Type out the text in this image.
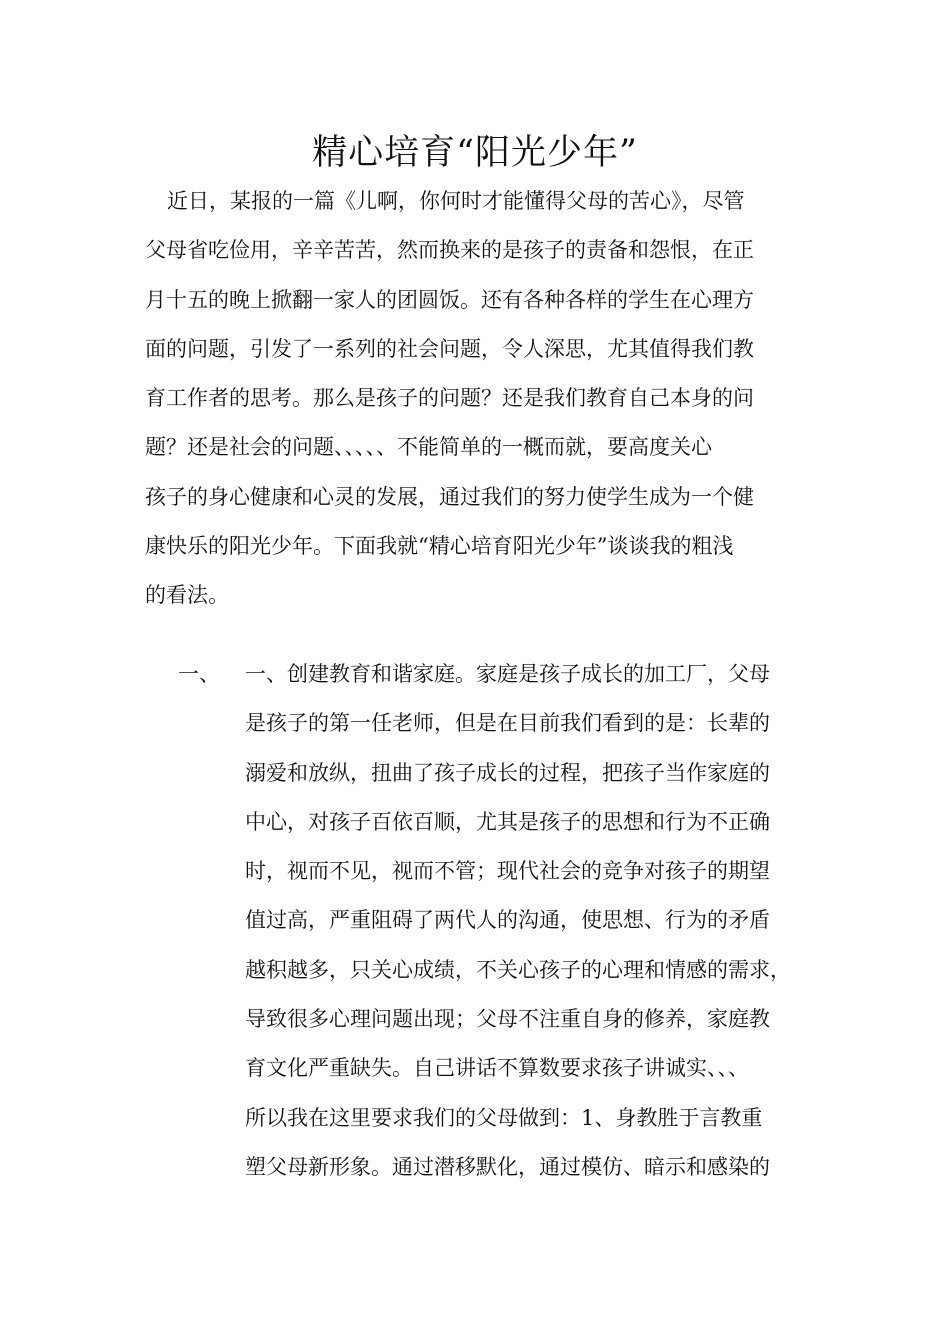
精心培育“阳光少年”
近日，某报的一篇《儿啊，你何时才能懂得父母的苦心》，尽管
父母省吃俭用，辛辛苦苦，然而换来的是孩子的责备和怨恨，在正
月十五的晚上掀翻一家人的团圆饭。还有各种各样的学生在心理方
面的问题，引发了一系列的社会问题，令人深思，尤其值得我们教
育工作者的思考。那么是孩子的问题？还是我们教育自己本身的问
题？还是社会的问题、、、、、不能简单的一概而就，要高度关心
孩子的身心健康和心灵的发展，通过我们的努力使学生成为一个健
康快乐的阳光少年。下面我就“精心培育阳光少年”谈谈我的粗浅
的看法。
一、 一、创建教育和谐家庭。家庭是孩子成长的加工厂，父母
是孩子的第一任老师，但是在目前我们看到的是：长辈的
溺爱和放纵，扭曲了孩子成长的过程，把孩子当作家庭的
中心，对孩子百依百顺，尤其是孩子的思想和行为不正确
时，视而不见，视而不管；现代社会的竞争对孩子的期望
值过高，严重阻碍了两代人的沟通，使思想、行为的矛盾
越积越多，只关心成绩，不关心孩子的心理和情感的需求，
导致很多心理问题出现；父母不注重自身的修养，家庭教
育文化严重缺失。自己讲话不算数要求孩子讲诚实、、、
所以我在这里要求我们的父母做到：1、身教胜于言教重
塑父母新形象。通过潜移默化，通过模仿、暗示和感染的
